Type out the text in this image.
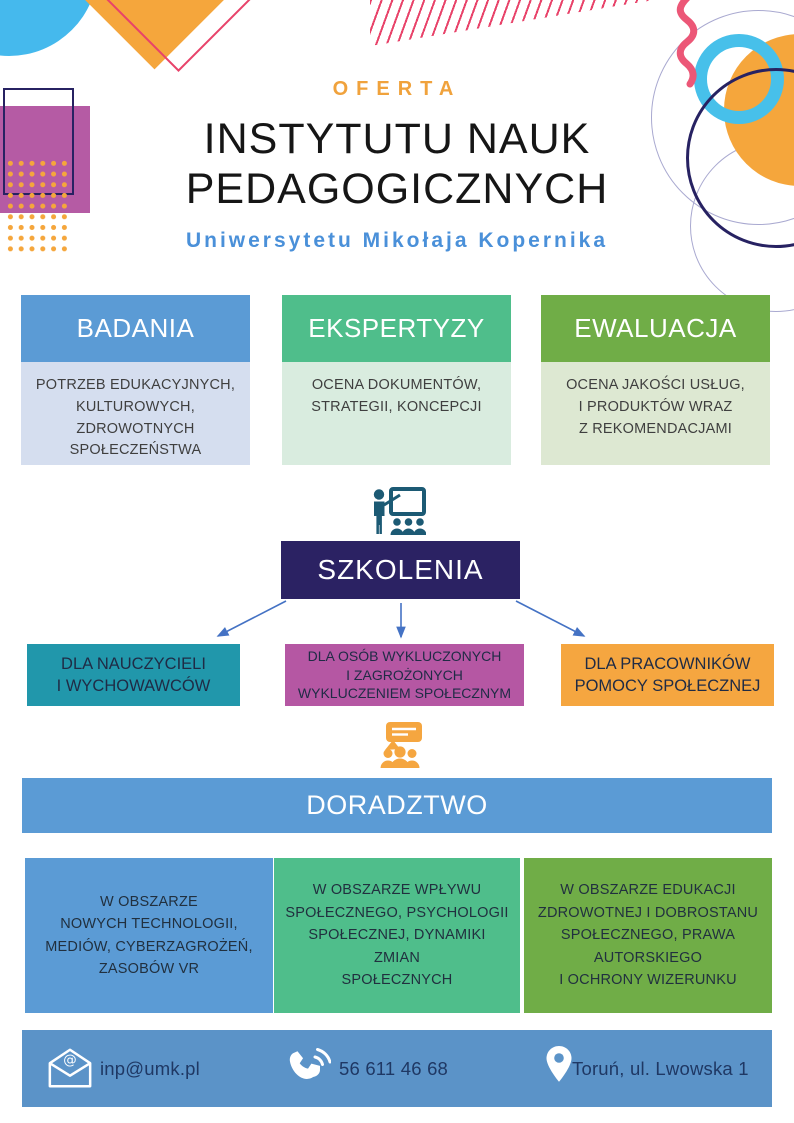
OFERTA
INSTYTUTU NAUK
PEDAGOGICZNYCH
Uniwersytetu Mikołaja Kopernika
BADANIA
POTRZEB EDUKACYJNYCH,
KULTUROWYCH,
ZDROWOTNYCH
SPOŁECZEŃSTWA
EKSPERTYZY
OCENA DOKUMENTÓW,
STRATEGII, KONCEPCJI
EWALUACJA
OCENA JAKOŚCI USŁUG,
I PRODUKTÓW WRAZ
Z REKOMENDACJAMI
SZKOLENIA
DLA NAUCZYCIELI
I WYCHOWAWCÓW
DLA OSÓB WYKLUCZONYCH
I ZAGROŻONYCH
WYKLUCZENIEM SPOŁECZNYM
DLA PRACOWNIKÓW
POMOCY SPOŁECZNEJ
DORADZTWO
W OBSZARZE
NOWYCH TECHNOLOGII,
MEDIÓW, CYBERZAGROŻEŃ,
ZASOBÓW VR
W OBSZARZE WPŁYWU
SPOŁECZNEGO, PSYCHOLOGII
SPOŁECZNEJ, DYNAMIKI ZMIAN
SPOŁECZNYCH
W OBSZARZE EDUKACJI
ZDROWOTNEJ I DOBROSTANU
SPOŁECZNEGO, PRAWA
AUTORSKIEGO
I OCHRONY WIZERUNKU
@ inp@umk.pl	56 611 46 68	Toruń, ul. Lwowska 1
